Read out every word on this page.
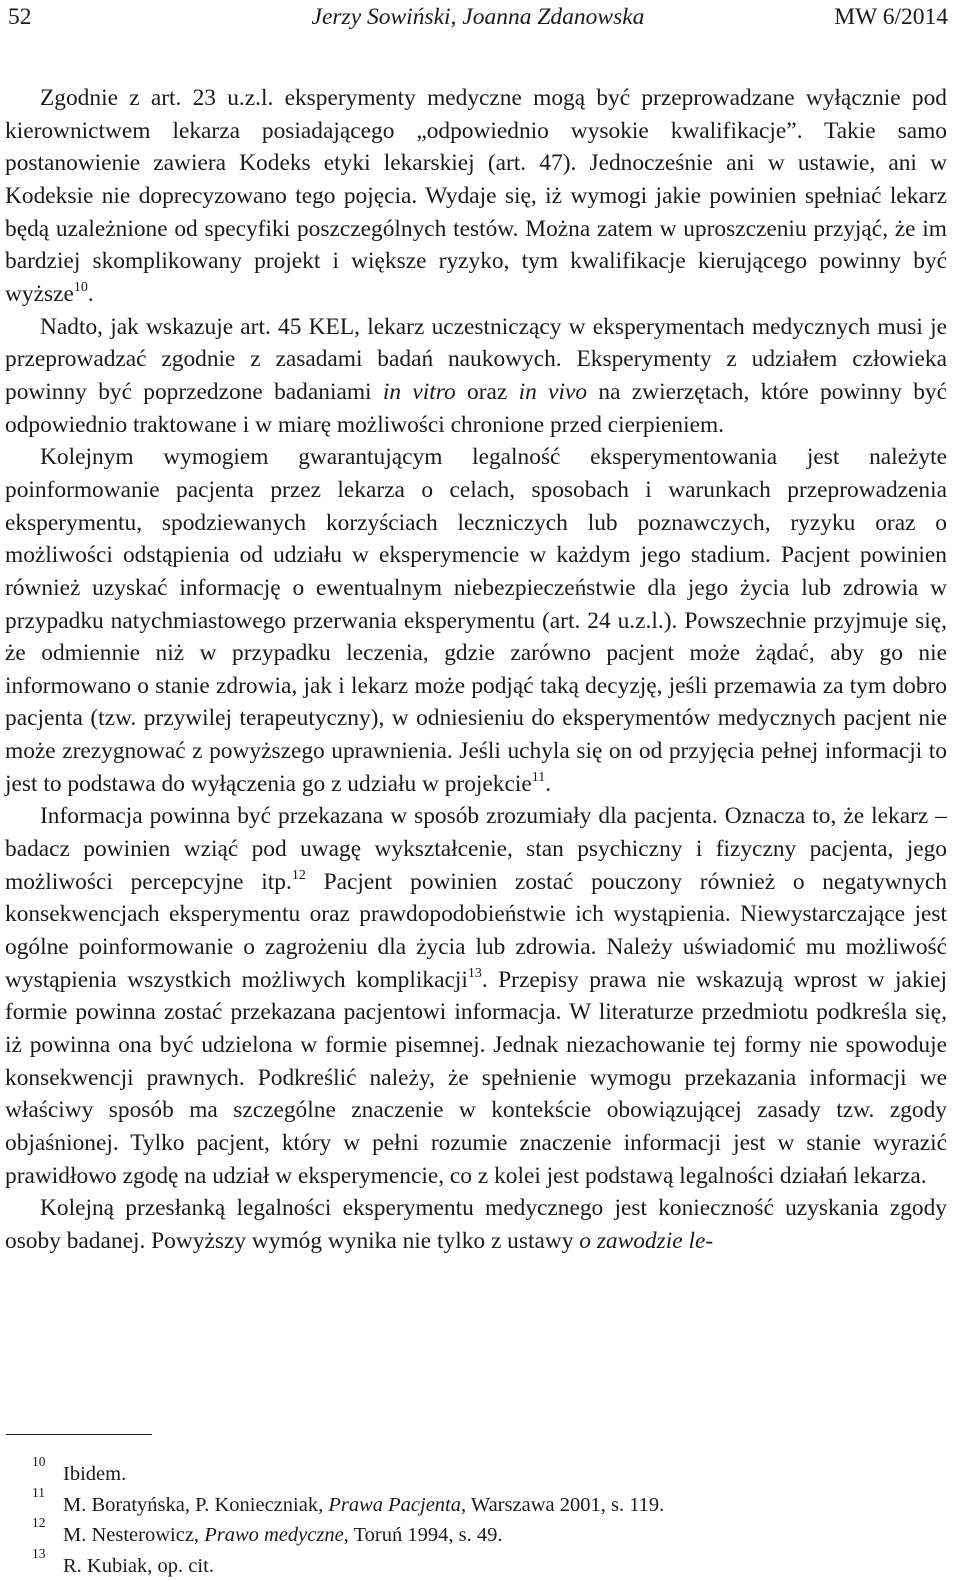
52	Jerzy Sowiński, Joanna Zdanowska	MW 6/2014

Zgodnie z art. 23 u.z.l. eksperymenty medyczne mogą być przeprowadzane wyłącznie pod kierownictwem lekarza posiadającego „odpowiednio wysokie kwalifikacje”. Takie samo postanowienie zawiera Kodeks etyki lekarskiej (art. 47). Jednocześnie ani w ustawie, ani w Kodeksie nie doprecyzowano tego pojęcia. Wydaje się, iż wymogi jakie powinien spełniać lekarz będą uzależnione od specyfiki poszczególnych testów. Można zatem w uproszczeniu przyjąć, że im bardziej skomplikowany projekt i większe ryzyko, tym kwalifikacje kierującego powinny być wyższe$^{10}$.

Nadto, jak wskazuje art. 45 KEL, lekarz uczestniczący w eksperymentach medycznych musi je przeprowadzać zgodnie z zasadami badań naukowych. Eksperymenty z udziałem człowieka powinny być poprzedzone badaniami in vitro oraz in vivo na zwierzętach, które powinny być odpowiednio traktowane i w miarę możliwości chronione przed cierpieniem.

Kolejnym wymogiem gwarantującym legalność eksperymentowania jest należyte poinformowanie pacjenta przez lekarza o celach, sposobach i warunkach przeprowadzenia eksperymentu, spodziewanych korzyściach leczniczych lub poznawczych, ryzyku oraz o możliwości odstąpienia od udziału w eksperymencie w każdym jego stadium. Pacjent powinien również uzyskać informację o ewentualnym niebezpieczeństwie dla jego życia lub zdrowia w przypadku natychmiastowego przerwania eksperymentu (art. 24 u.z.l.). Powszechnie przyjmuje się, że odmiennie niż w przypadku leczenia, gdzie zarówno pacjent może żądać, aby go nie informowano o stanie zdrowia, jak i lekarz może podjąć taką decyzję, jeśli przemawia za tym dobro pacjenta (tzw. przywilej terapeutyczny), w odniesieniu do eksperymentów medycznych pacjent nie może zrezygnować z powyższego uprawnienia. Jeśli uchyla się on od przyjęcia pełnej informacji to jest to podstawa do wyłączenia go z udziału w projekcie$^{11}$.

Informacja powinna być przekazana w sposób zrozumiały dla pacjenta. Oznacza to, że lekarz – badacz powinien wziąć pod uwagę wykształcenie, stan psychiczny i fizyczny pacjenta, jego możliwości percepcyjne itp.$^{12}$ Pacjent powinien zostać pouczony również o negatywnych konsekwencjach eksperymentu oraz prawdopodobieństwie ich wystąpienia. Niewystarczające jest ogólne poinformowanie o zagrożeniu dla życia lub zdrowia. Należy uświadomić mu możliwość wystąpienia wszystkich możliwych komplikacji$^{13}$. Przepisy prawa nie wskazują wprost w jakiej formie powinna zostać przekazana pacjentowi informacja. W literaturze przedmiotu podkreśla się, iż powinna ona być udzielona w formie pisemnej. Jednak niezachowanie tej formy nie spowoduje konsekwencji prawnych. Podkreślić należy, że spełnienie wymogu przekazania informacji we właściwy sposób ma szczególne znaczenie w kontekście obowiązującej zasady tzw. zgody objaśnionej. Tylko pacjent, który w pełni rozumie znaczenie informacji jest w stanie wyrazić prawidłowo zgodę na udział w eksperymencie, co z kolei jest podstawą legalności działań lekarza.

Kolejną przesłanką legalności eksperymentu medycznego jest konieczność uzyskania zgody osoby badanej. Powyższy wymóg wynika nie tylko z ustawy o zawodzie le-

10
Ibidem.
11
M. Boratyńska, P. Konieczniak, Prawa Pacjenta, Warszawa 2001, s. 119.
12
M. Nesterowicz, Prawo medyczne, Toruń 1994, s. 49.
13
R. Kubiak, op. cit.
